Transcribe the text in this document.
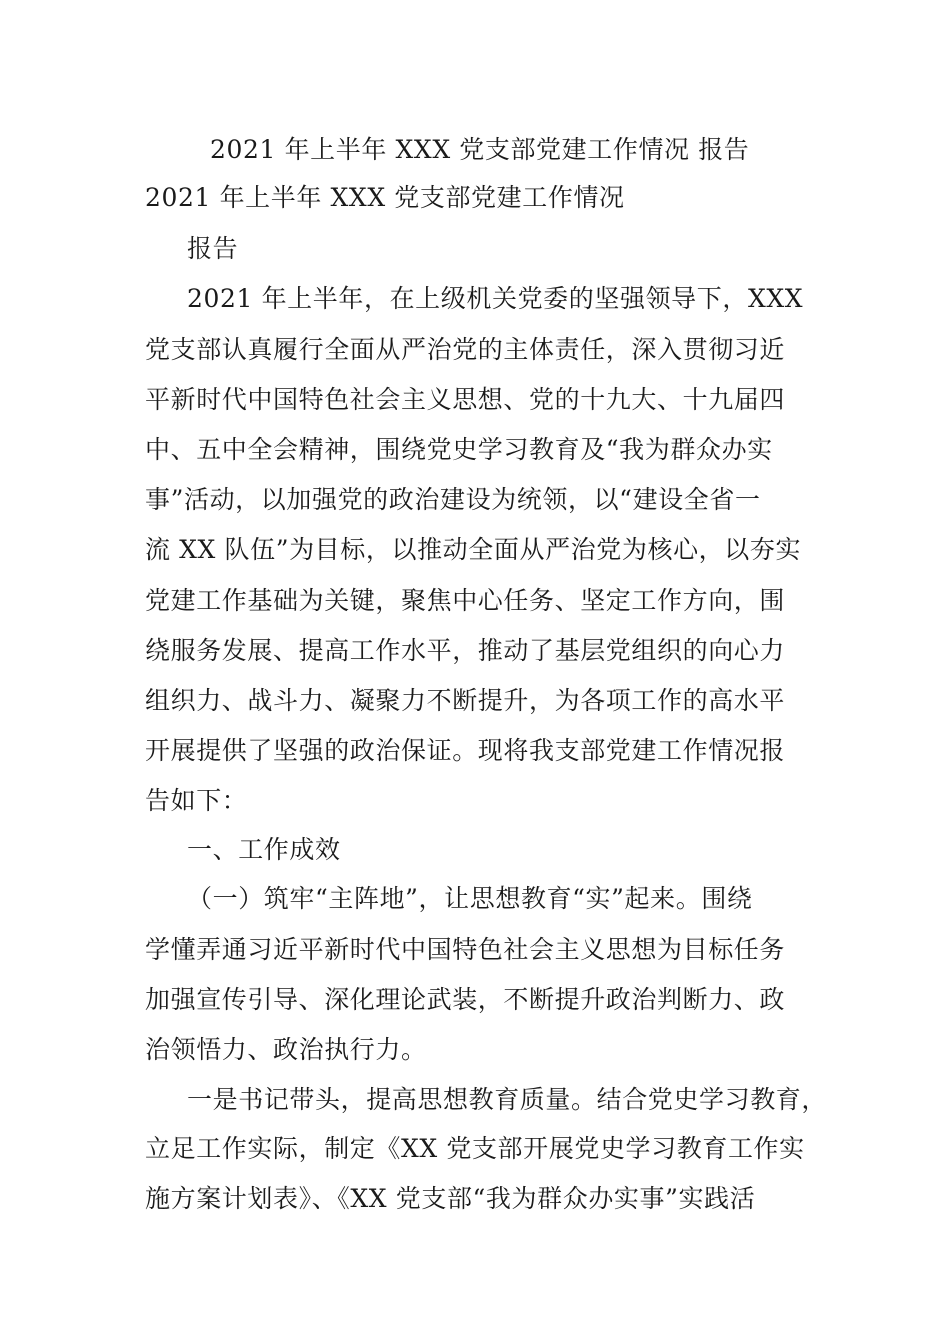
2021 年上半年 XXX 党支部党建工作情况 报告
2021 年上半年 XXX 党支部党建工作情况
报告
2021 年上半年，在上级机关党委的坚强领导下，XXX
党支部认真履行全面从严治党的主体责任，深入贯彻习近
平新时代中国特色社会主义思想、党的十九大、十九届四
中、五中全会精神，围绕党史学习教育及“我为群众办实
事”活动，以加强党的政治建设为统领，以“建设全省一
流 XX 队伍”为目标，以推动全面从严治党为核心，以夯实
党建工作基础为关键，聚焦中心任务、坚定工作方向，围
绕服务发展、提高工作水平，推动了基层党组织的向心力
组织力、战斗力、凝聚力不断提升，为各项工作的高水平
开展提供了坚强的政治保证。现将我支部党建工作情况报
告如下：
一、工作成效
（一）筑牢“主阵地”，让思想教育“实”起来。围绕
学懂弄通习近平新时代中国特色社会主义思想为目标任务
加强宣传引导、深化理论武装，不断提升政治判断力、政
治领悟力、政治执行力。
一是书记带头，提高思想教育质量。结合党史学习教育，
立足工作实际，制定《XX 党支部开展党史学习教育工作实
施方案计划表》、《XX 党支部“我为群众办实事”实践活
